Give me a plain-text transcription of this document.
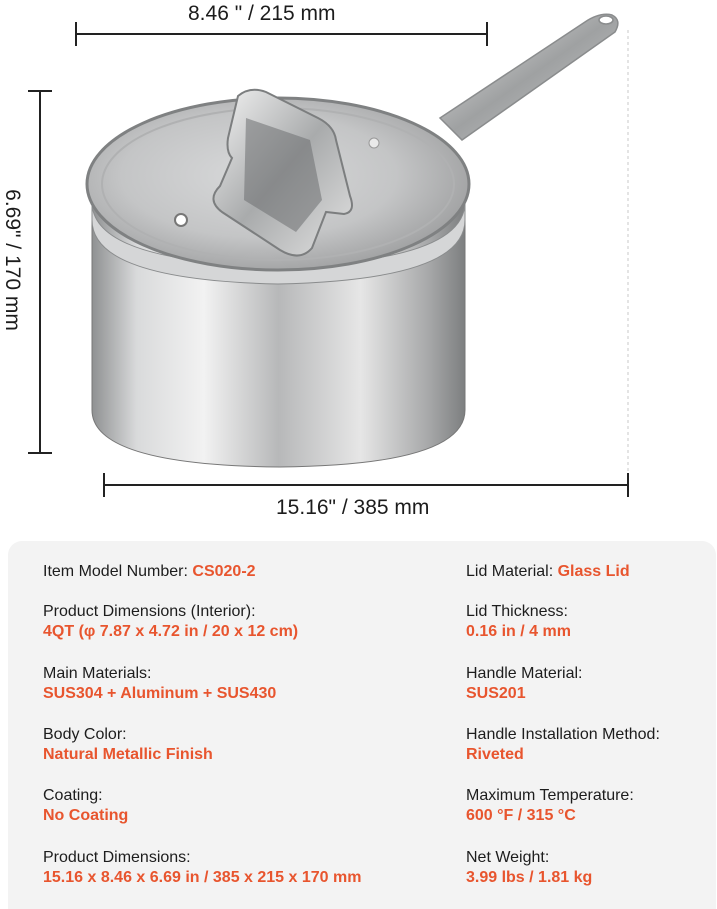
8.46 " / 215 mm
6.69" / 170 mm
15.16" / 385 mm
Item Model Number: CS020-2
Product Dimensions (Interior):
4QT (φ 7.87 x 4.72 in / 20 x 12 cm)
Main Materials:
SUS304 + Aluminum + SUS430
Body Color:
Natural Metallic Finish
Coating:
No Coating
Product Dimensions:
15.16 x 8.46 x 6.69 in / 385 x 215 x 170 mm
Lid Material: Glass Lid
Lid Thickness:
0.16 in / 4 mm
Handle Material:
SUS201
Handle Installation Method:
Riveted
Maximum Temperature:
600 °F / 315 °C
Net Weight:
3.99 lbs / 1.81 kg
